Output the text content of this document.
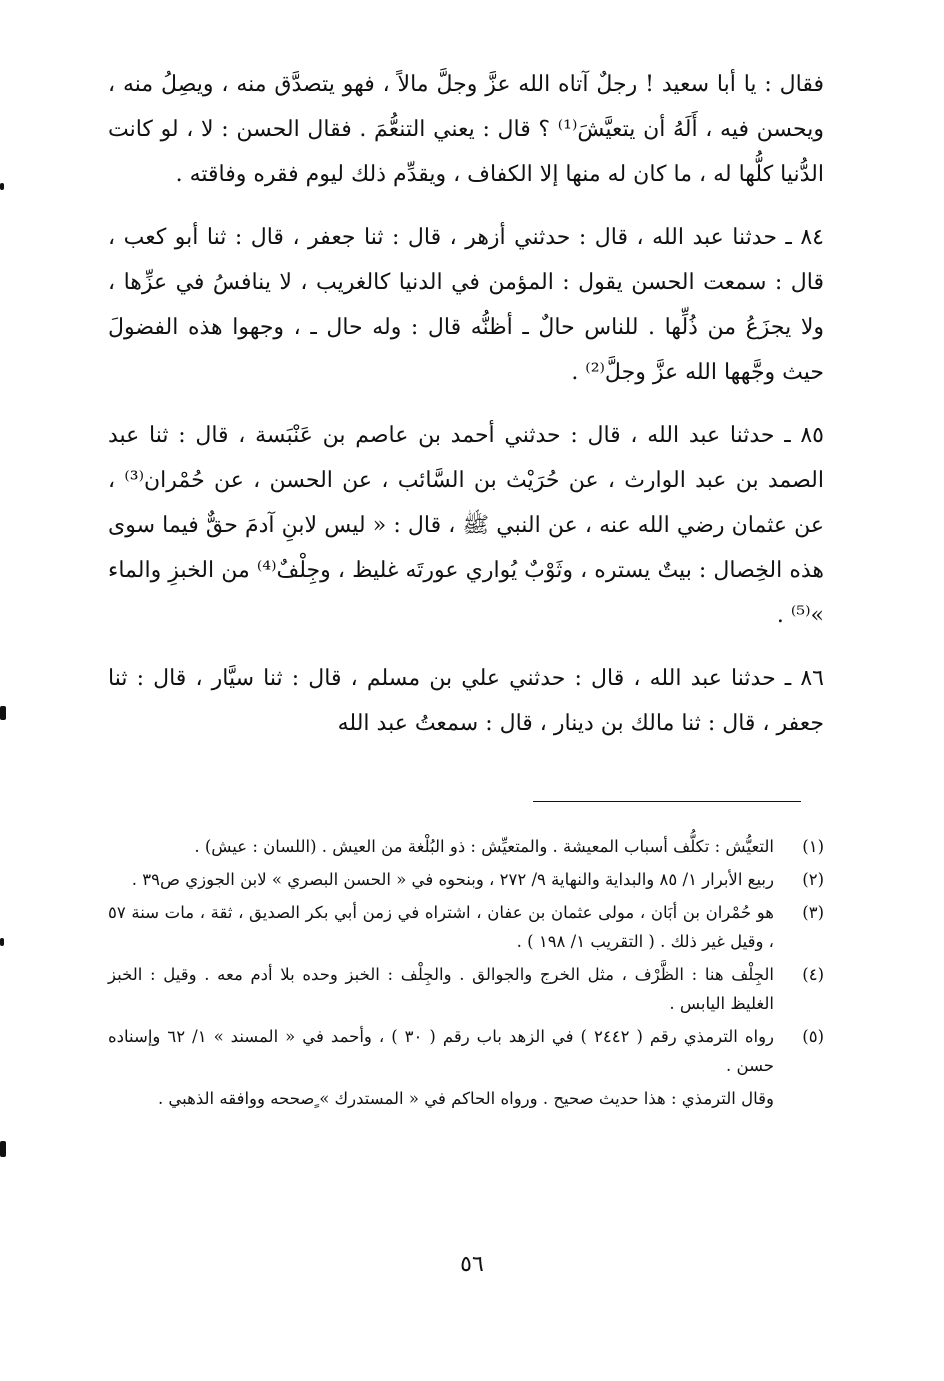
فقال : يا أبا سعيد ! رجلٌ آتاه الله عزَّ وجلَّ مالاً ، فهو يتصدَّق منه ، ويصِلُ منه ، ويحسن فيه ، أَلَهُ أن يتعيَّشَ⁽¹⁾ ؟ قال : يعني التنعُّمَ . فقال الحسن : لا ، لو كانت الدُّنيا كلُّها له ، ما كان له منها إلا الكفاف ، ويقدِّم ذلك ليوم فقره وفاقته .

٨٤ ـ حدثنا عبد الله ، قال : حدثني أزهر ، قال : ثنا جعفر ، قال : ثنا أبو كعب ، قال : سمعت الحسن يقول : المؤمن في الدنيا كالغريب ، لا ينافسُ في عزِّها ، ولا يجزَعُ من ذُلِّها . للناس حالٌ ـ أظنُّه قال : وله حال ـ ، وجهوا هذه الفضولَ حيث وجَّهها الله عزَّ وجلَّ⁽²⁾ .

٨٥ ـ حدثنا عبد الله ، قال : حدثني أحمد بن عاصم بن عَنْبَسة ، قال : ثنا عبد الصمد بن عبد الوارث ، عن حُرَيْث بن السَّائب ، عن الحسن ، عن حُمْران⁽³⁾ ، عن عثمان رضي الله عنه ، عن النبي ﷺ ، قال : « ليس لابنِ آدمَ حقٌّ فيما سوى هذه الخِصال : بيتٌ يستره ، وثَوْبٌ يُواري عورتَه غليظ ، وجِلْفٌ⁽⁴⁾ من الخبزِ والماء »⁽⁵⁾ .

٨٦ ـ حدثنا عبد الله ، قال : حدثني علي بن مسلم ، قال : ثنا سيَّار ، قال : ثنا جعفر ، قال : ثنا مالك بن دينار ، قال : سمعتُ عبد الله

(١)
التعيُّش : تكلُّف أسباب المعيشة . والمتعيِّش : ذو البُلْغة من العيش . (اللسان : عيش) .
(٢)
ربيع الأبرار ١/ ٨٥ والبداية والنهاية ٩/ ٢٧٢ ، وبنحوه في « الحسن البصري » لابن الجوزي ص٣٩ .
(٣)
هو حُمْران بن أبَان ، مولى عثمان بن عفان ، اشتراه في زمن أبي بكر الصديق ، ثقة ، مات سنة ٥٧ ، وقيل غير ذلك . ( التقريب ١/ ١٩٨ ) .
(٤)
الجِلْف هنا : الظَّرْف ، مثل الخرج والجوالق . والجِلْف : الخبز وحده بلا أدم معه . وقيل : الخبز الغليظ اليابس .
(٥)
رواه الترمذي رقم ( ٢٤٤٢ ) في الزهد باب رقم ( ٣٠ ) ، وأحمد في « المسند » ١/ ٦٢ وإسناده حسن .
وقال الترمذي : هذا حديث صحيح . ورواه الحاكم في « المستدرك » ٍصححه ووافقه الذهبي .
٥٦
